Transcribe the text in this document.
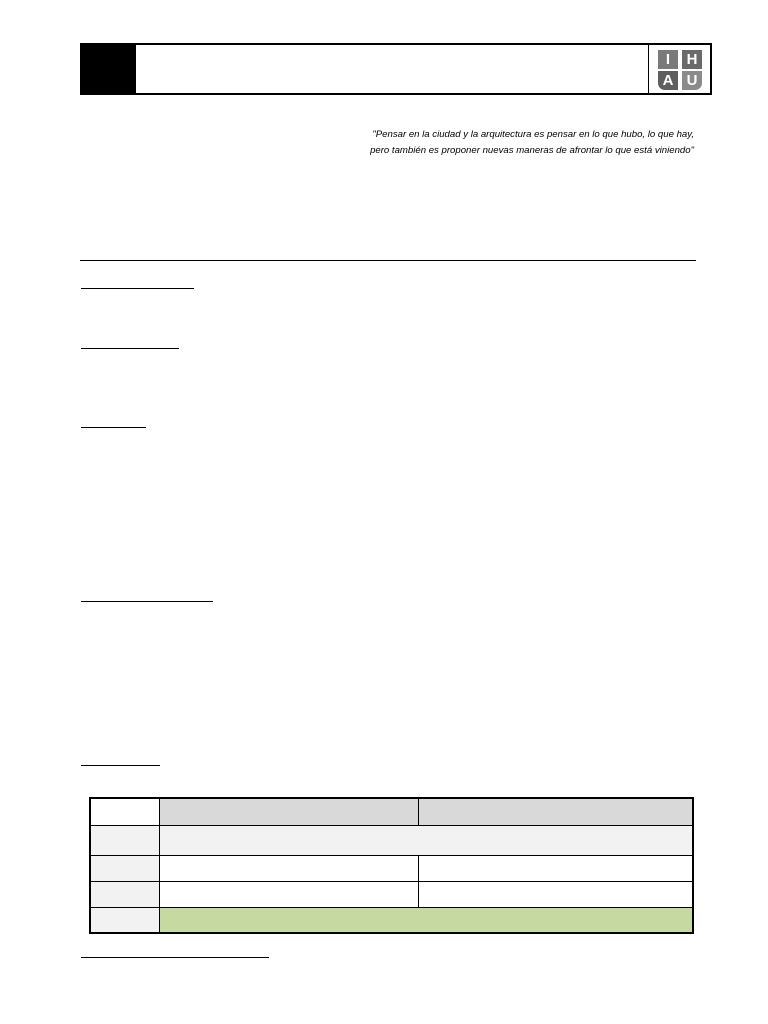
I	H
A U
"Pensar en la ciudad y la arquitectura es pensar en lo que hubo, lo que hay,
pero también es proponer nuevas maneras de afrontar lo que está viniendo"
